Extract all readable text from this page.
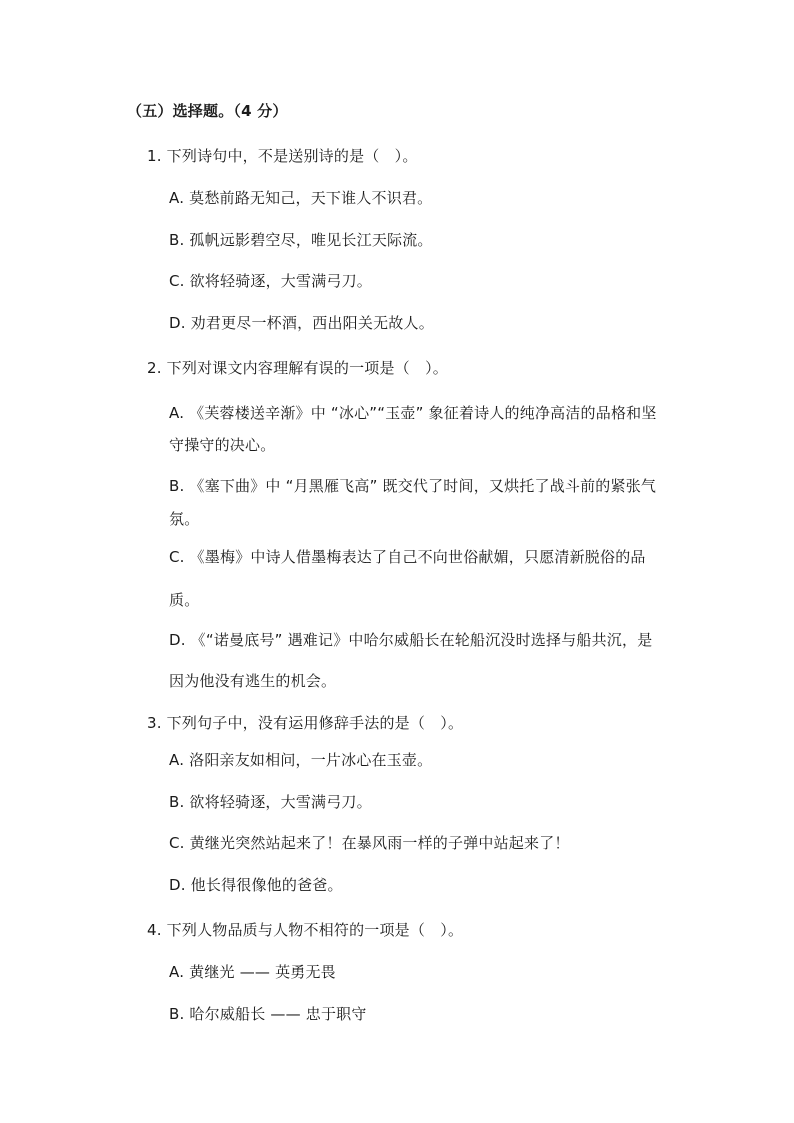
（五）选择题。（4 分）
1. 下列诗句中，不是送别诗的是（　）。
A. 莫愁前路无知己，天下谁人不识君。
B. 孤帆远影碧空尽，唯见长江天际流。
C. 欲将轻骑逐，大雪满弓刀。
D. 劝君更尽一杯酒，西出阳关无故人。
2. 下列对课文内容理解有误的一项是（　）。
A. 《芙蓉楼送辛渐》中 “冰心”“玉壶” 象征着诗人的纯净高洁的品格和坚
守操守的决心。
B. 《塞下曲》中 “月黑雁飞高” 既交代了时间，又烘托了战斗前的紧张气
氛。
C. 《墨梅》中诗人借墨梅表达了自己不向世俗献媚，只愿清新脱俗的品
质。
D. 《“诺曼底号” 遇难记》中哈尔威船长在轮船沉没时选择与船共沉，是
因为他没有逃生的机会。
3. 下列句子中，没有运用修辞手法的是（　）。
A. 洛阳亲友如相问，一片冰心在玉壶。
B. 欲将轻骑逐，大雪满弓刀。
C. 黄继光突然站起来了！在暴风雨一样的子弹中站起来了！
D. 他长得很像他的爸爸。
4. 下列人物品质与人物不相符的一项是（　）。
A. 黄继光 —— 英勇无畏
B. 哈尔威船长 —— 忠于职守
